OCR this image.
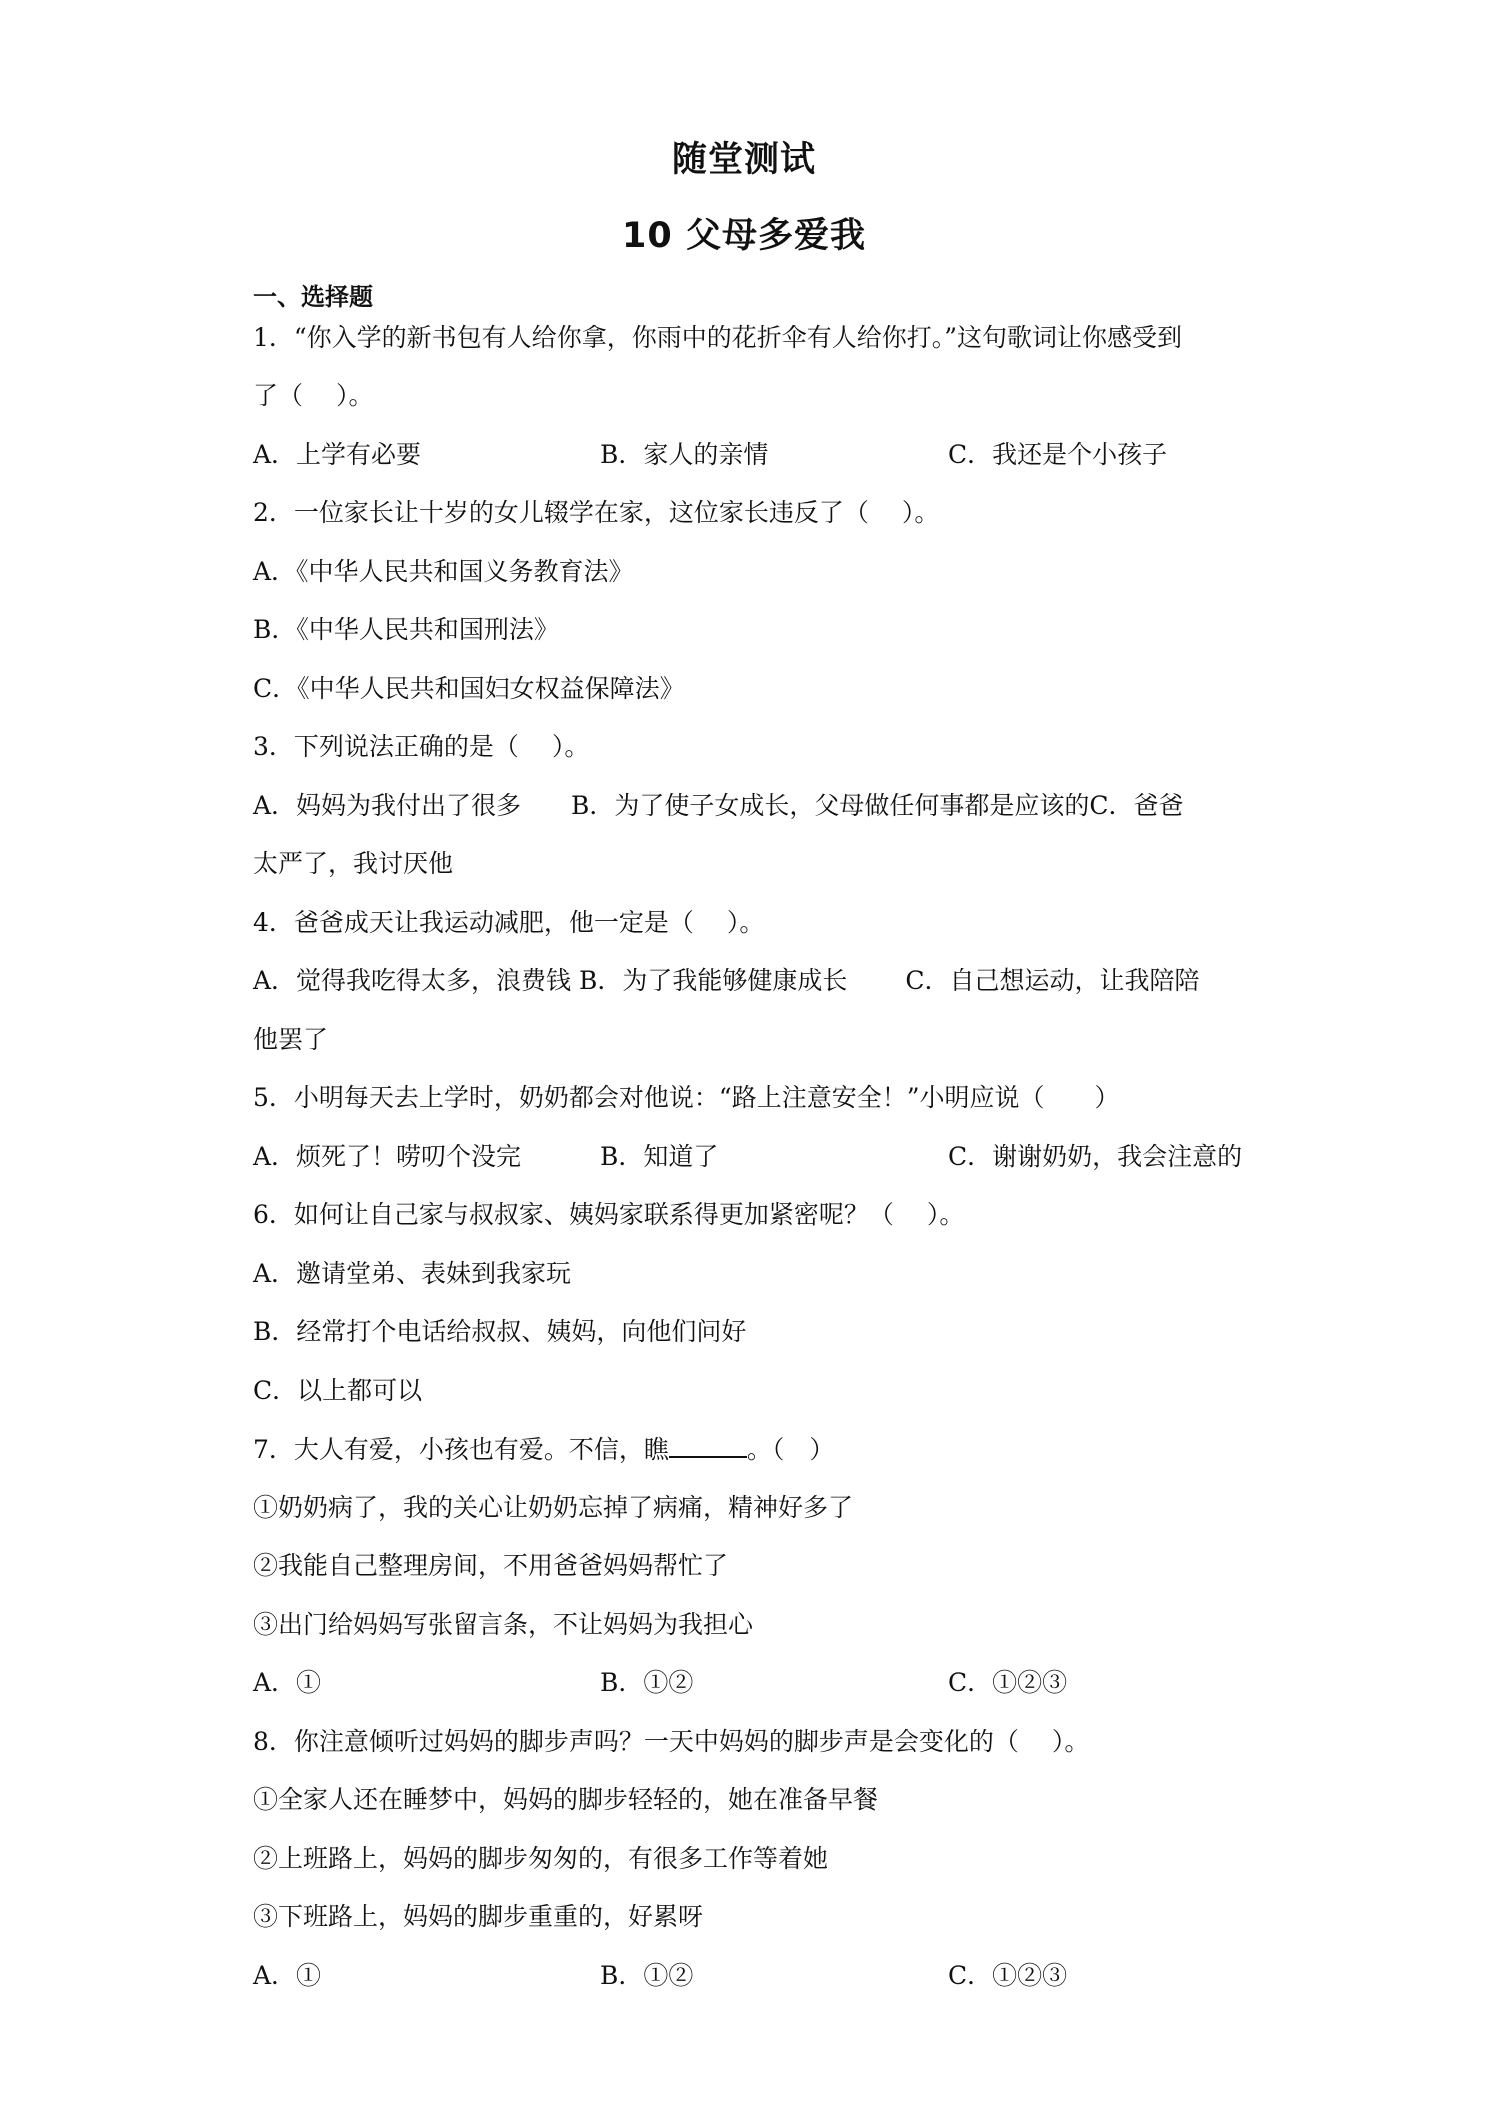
随堂测试
10 父母多爱我
一、选择题
1．“你入学的新书包有人给你拿，你雨中的花折伞有人给你打。”这句歌词让你感受到
了（　 ）。
A．上学有必要	B．家人的亲情	C．我还是个小孩子
2．一位家长让十岁的女儿辍学在家，这位家长违反了（　 ）。
A．《中华人民共和国义务教育法》
B．《中华人民共和国刑法》
C．《中华人民共和国妇女权益保障法》
3．下列说法正确的是（　 ）。
A．妈妈为我付出了很多　　B．为了使子女成长，父母做任何事都是应该的C．爸爸
太严了，我讨厌他
4．爸爸成天让我运动减肥，他一定是（　 ）。
A．觉得我吃得太多，浪费钱 B．为了我能够健康成长　　 C．自己想运动，让我陪陪
他罢了
5．小明每天去上学时，奶奶都会对他说：“路上注意安全！”小明应说（　　）
A．烦死了！唠叨个没完	B．知道了	C．谢谢奶奶，我会注意的
6．如何让自己家与叔叔家、姨妈家联系得更加紧密呢？（　 ）。
A．邀请堂弟、表妹到我家玩
B．经常打个电话给叔叔、姨妈，向他们问好
C．以上都可以
7．大人有爱，小孩也有爱。不信，瞧	。（　）
①奶奶病了，我的关心让奶奶忘掉了病痛，精神好多了
②我能自己整理房间，不用爸爸妈妈帮忙了
③出门给妈妈写张留言条，不让妈妈为我担心
A．①	B．①②	C．①②③
8．你注意倾听过妈妈的脚步声吗？一天中妈妈的脚步声是会变化的（　 ）。
①全家人还在睡梦中，妈妈的脚步轻轻的，她在准备早餐
②上班路上，妈妈的脚步匆匆的，有很多工作等着她
③下班路上，妈妈的脚步重重的，好累呀
A．①	B．①②	C．①②③
